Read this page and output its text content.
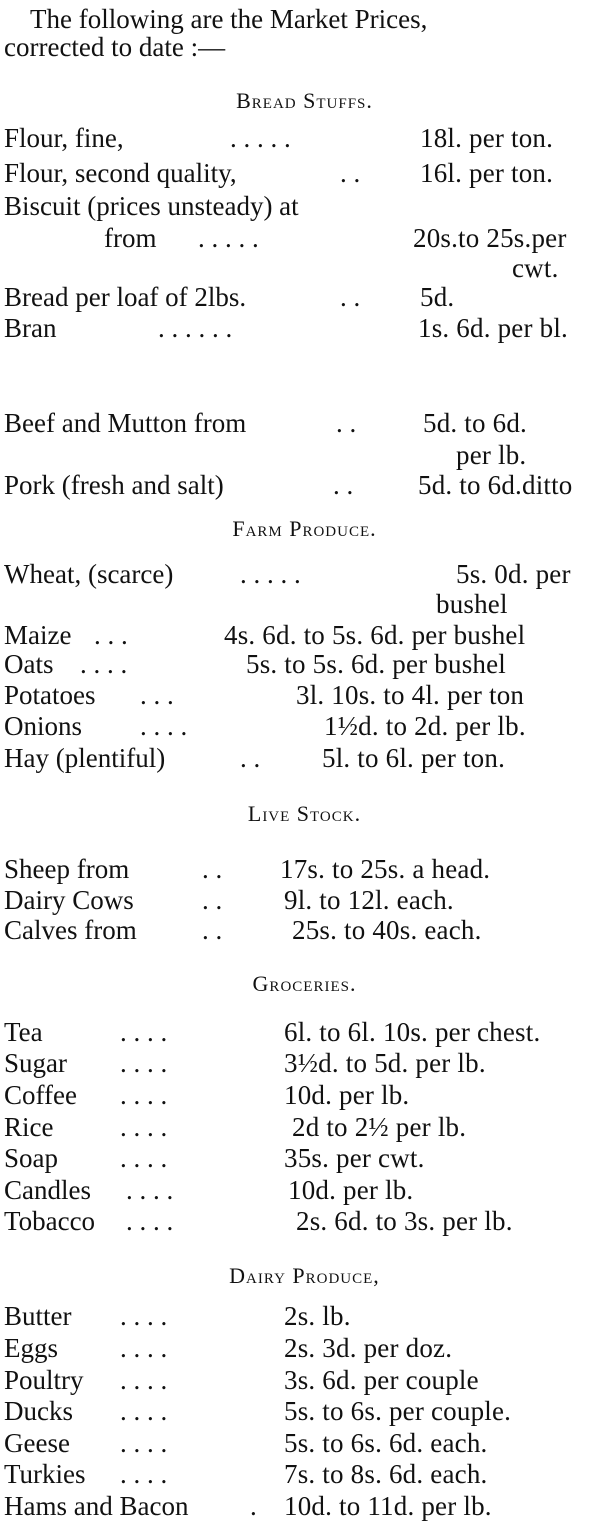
The following are the Market Prices,
corrected to date :—
Bread Stuffs.
Flour, fine,	. . . . .	18l. per ton.
Flour, second quality,	. . 16l. per ton.
Biscuit (prices unsteady) at
from . . . . .	20s.to 25s.per
cwt.
Bread per loaf of 2lbs.	. . 5d.
Bran	. . . . . .	1s. 6d. per bl.
Beef and Mutton from	. . 5d. to 6d.
per lb.
Pork (fresh and salt)	. . 5d. to 6d.ditto
Farm Produce.
Wheat, (scarce) . . . . .	5s. 0d. per
bushel
Maize . . .	4s. 6d. to 5s. 6d. per bushel
Oats . . . .	5s. to 5s. 6d. per bushel
Potatoes . . .	3l. 10s. to 4l. per ton
Onions . . . .	1½d. to 2d. per lb.
Hay (plentiful)	. . 5l. to 6l. per ton.
Live Stock.
Sheep from	. . 17s. to 25s. a head.
Dairy Cows	. . 9l. to 12l. each.
Calves from . .	25s. to 40s. each.
Groceries.
Tea	. . . .	6l. to 6l. 10s. per chest.
Sugar . . . .	3½d. to 5d. per lb.
Coffee . . . .	10d. per lb.
Rice . . . .	2d to 2½ per lb.
Soap . . . .	35s. per cwt.
Candles . . . .	10d. per lb.
Tobacco . . . .	2s. 6d. to 3s. per lb.
Dairy Produce,
Butter . . . .	2s. lb.
Eggs . . . .	2s. 3d. per doz.
Poultry . . . .	3s. 6d. per couple
Ducks . . . .	5s. to 6s. per couple.
Geese . . . .	5s. to 6s. 6d. each.
Turkies . . . .	7s. to 8s. 6d. each.
Hams and Bacon . 10d. to 11d. per lb.
